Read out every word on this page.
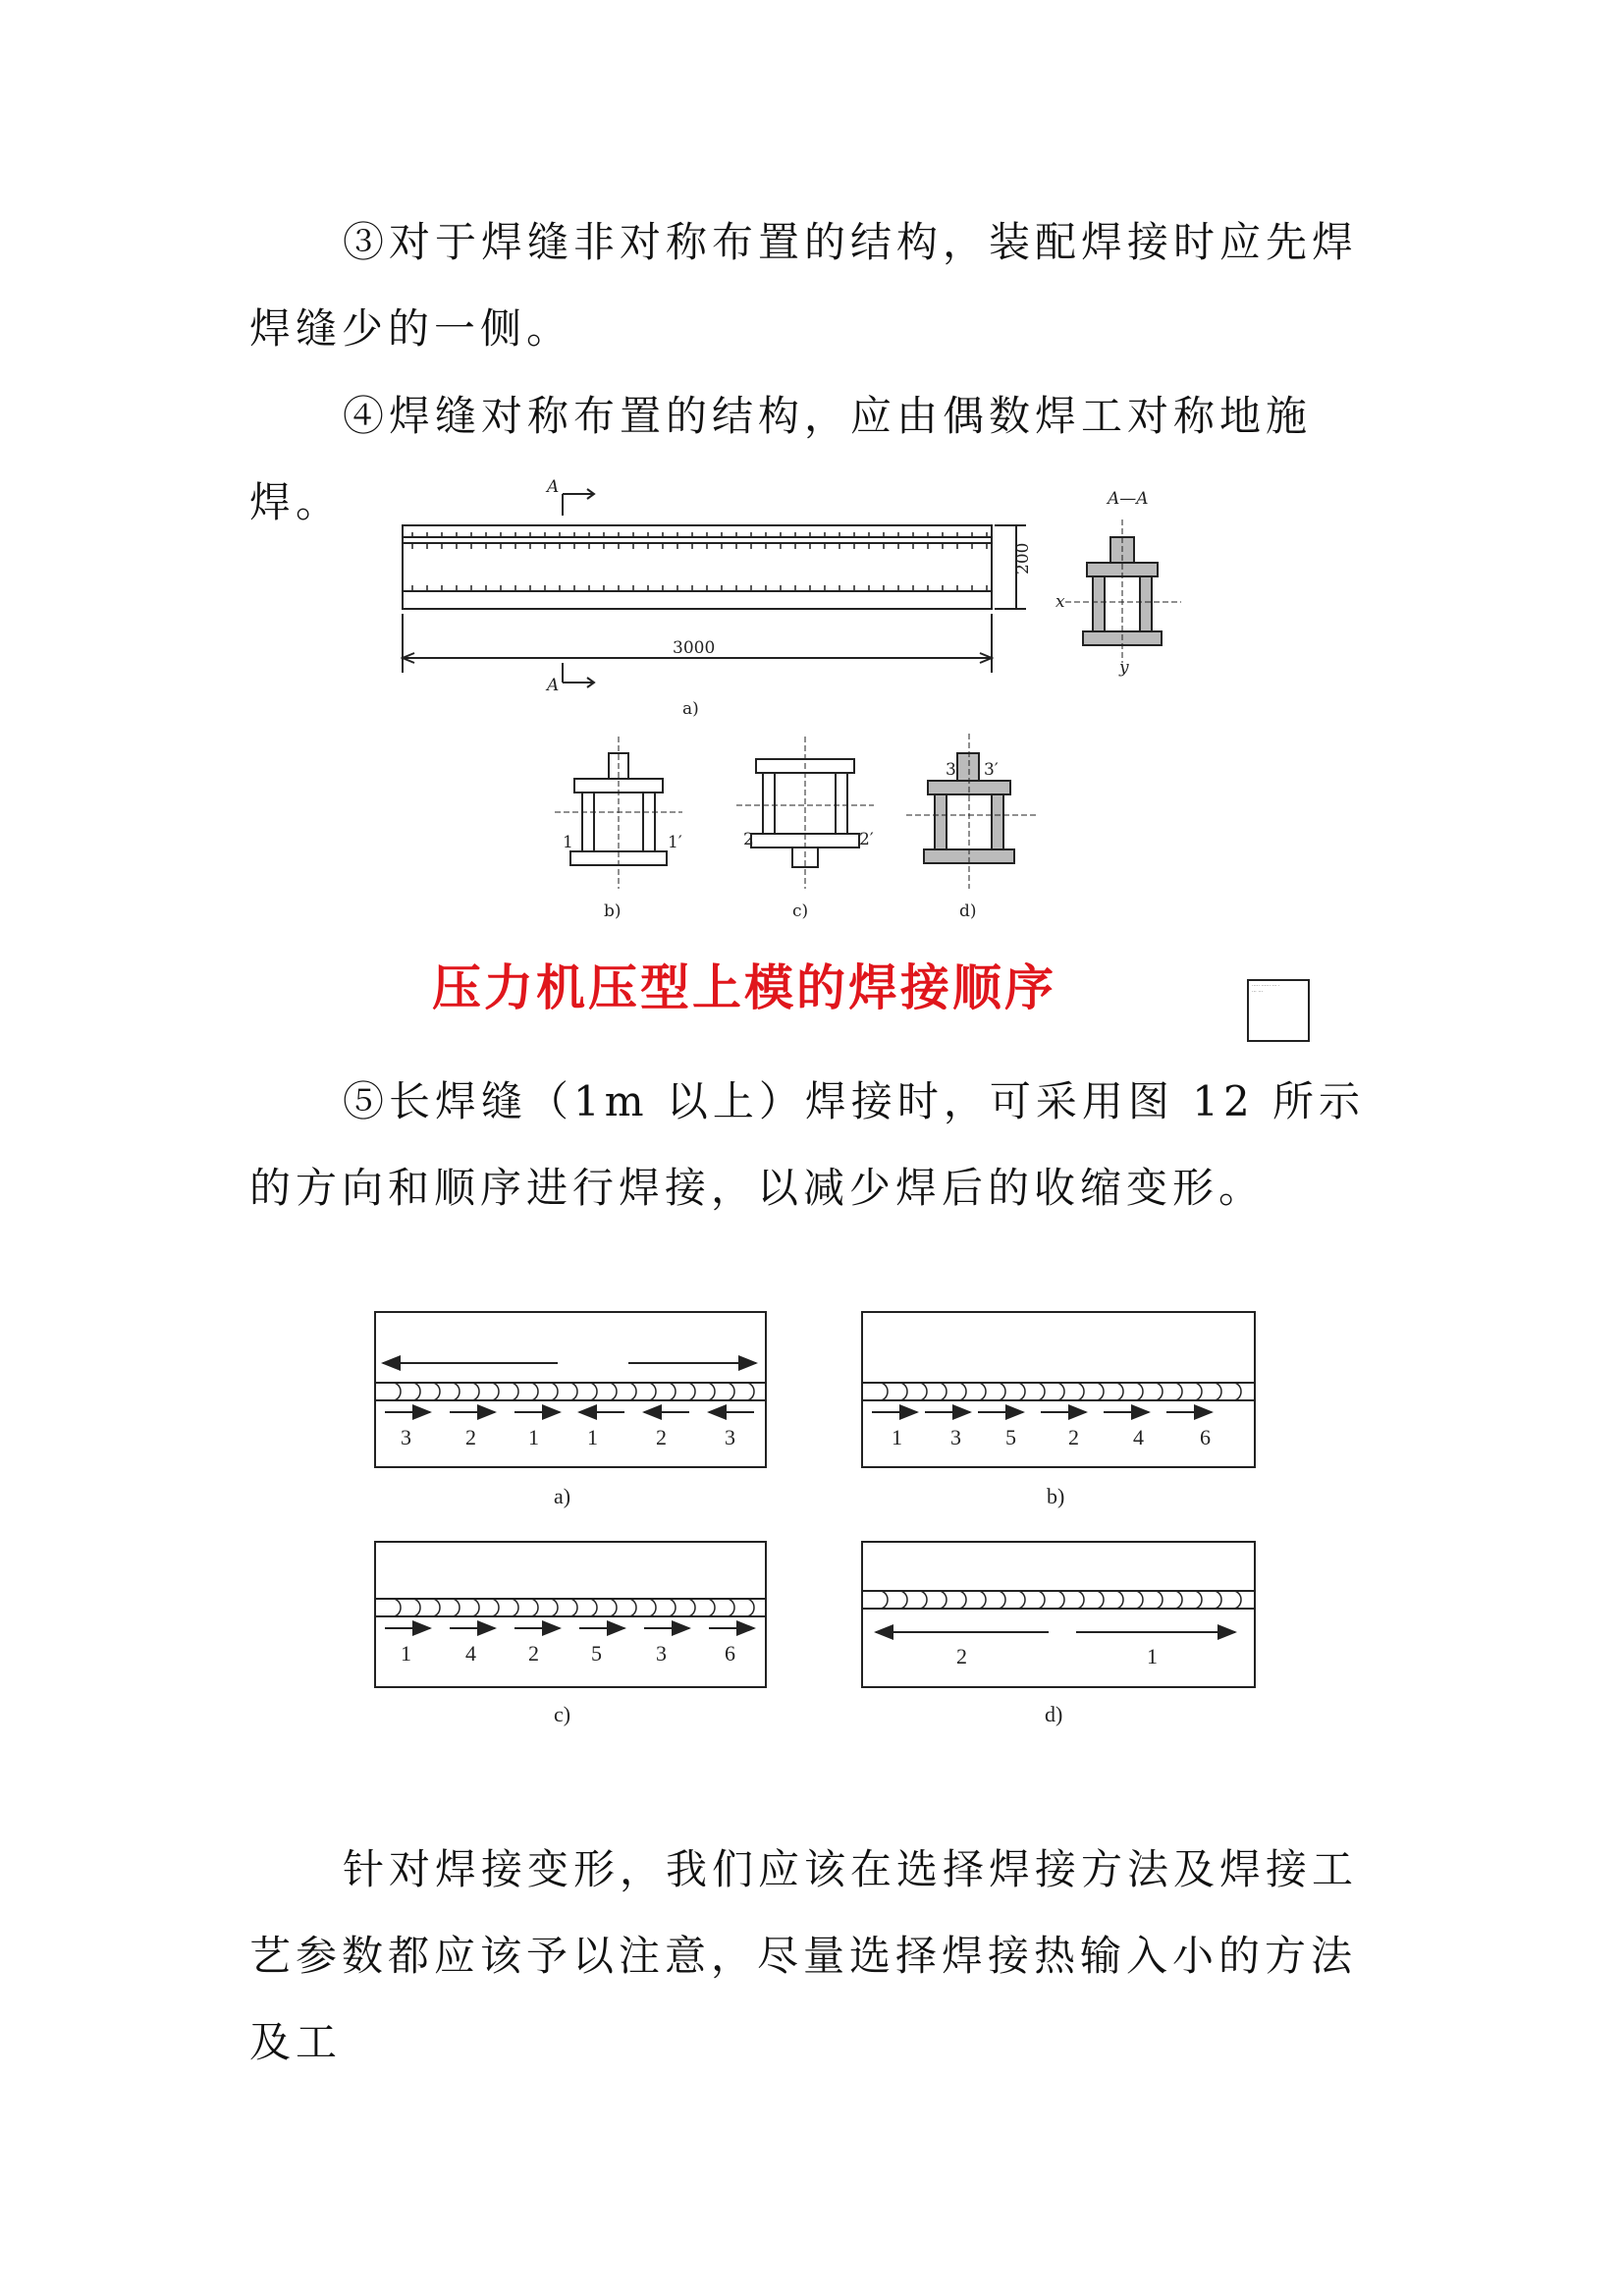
③对于焊缝非对称布置的结构，装配焊接时应先焊焊缝少的一侧。

④焊缝对称布置的结构，应由偶数焊工对称地施焊。	A—A
A
A
3000
200
a)
x
y
1	1′
b)
2	2′
c)
3 3′
d)
压力机压型上模的焊接顺序	····· ······ ··· ·
··· ···

⑤长焊缝（1m 以上）焊接时，可采用图 12 所示的方向和顺序进行焊接，以减少焊后的收缩变形。

3	2 1 1	2	3
a)
1 3 5 2	4	6
b)
1	4 2 5	3	6
c)
2	1
d)

针对焊接变形，我们应该在选择焊接方法及焊接工艺参数都应该予以注意，尽量选择焊接热输入小的方法及工
